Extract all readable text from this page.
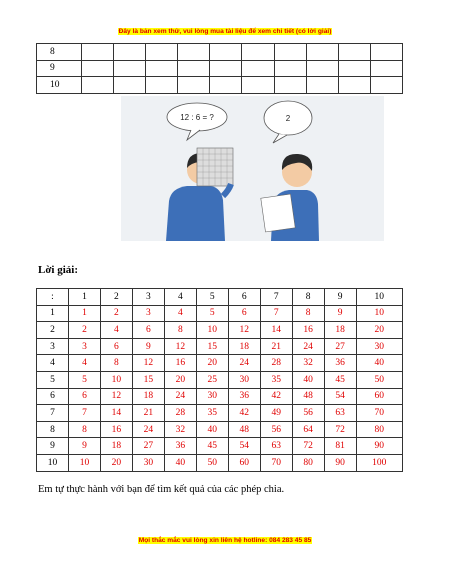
Đây là bản xem thử, vui lòng mua tài liệu để xem chi tiết (có lời giải)
8										
9										
10										
12 : 6 = ?	2
Lời giải:
:	1	2	3	4	5	6	7	8	9	10
1	1	2	3	4	5	6	7	8	9	10
2	2	4	6	8	10	12	14	16	18	20
3	3	6	9	12	15	18	21	24	27	30
4	4	8	12	16	20	24	28	32	36	40
5	5	10	15	20	25	30	35	40	45	50
6	6	12	18	24	30	36	42	48	54	60
7	7	14	21	28	35	42	49	56	63	70
8	8	16	24	32	40	48	56	64	72	80
9	9	18	27	36	45	54	63	72	81	90
10	10	20	30	40	50	60	70	80	90	100
Em tự thực hành với bạn để tìm kết quả của các phép chia.
Mọi thắc mắc vui lòng xin liên hệ hotline: 084 283 45 85
